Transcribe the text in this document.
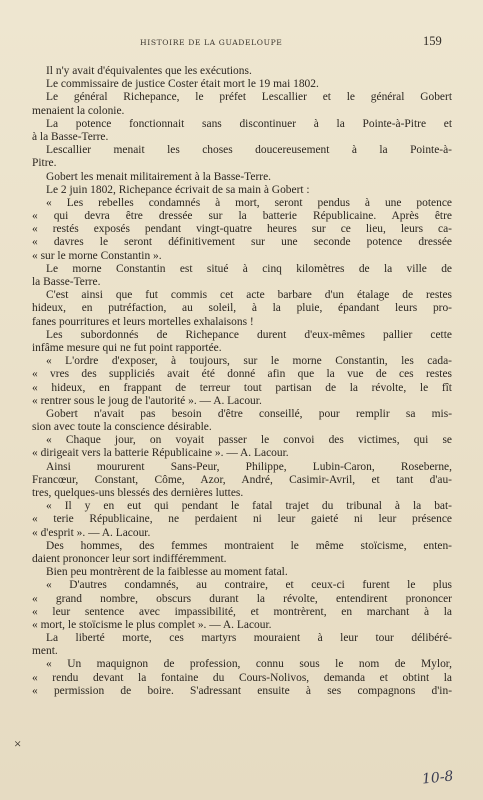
HISTOIRE DE LA GUADELOUPE	159
Il n'y avait d'équivalentes que les exécutions.
Le commissaire de justice Coster était mort le 19 mai 1802.
Le général Richepance, le préfet Lescallier et le général Gobert
menaient la colonie.
La potence fonctionnait sans discontinuer à la Pointe-à-Pitre et
à la Basse-Terre.
Lescallier menait les choses doucereusement à la Pointe-à-
Pitre.
Gobert les menait militairement à la Basse-Terre.
Le 2 juin 1802, Richepance écrivait de sa main à Gobert :
« Les rebelles condamnés à mort, seront pendus à une potence
« qui devra être dressée sur la batterie Républicaine. Après être
« restés exposés pendant vingt-quatre heures sur ce lieu, leurs ca-
« davres le seront définitivement sur une seconde potence dressée
« sur le morne Constantin ».
Le morne Constantin est situé à cinq kilomètres de la ville de
la Basse-Terre.
C'est ainsi que fut commis cet acte barbare d'un étalage de restes
hideux, en putréfaction, au soleil, à la pluie, épandant leurs pro-
fanes pourritures et leurs mortelles exhalaisons !
Les subordonnés de Richepance durent d'eux-mêmes pallier cette
infâme mesure qui ne fut point rapportée.
« L'ordre d'exposer, à toujours, sur le morne Constantin, les cada-
« vres des suppliciés avait été donné afin que la vue de ces restes
« hideux, en frappant de terreur tout partisan de la révolte, le fît
« rentrer sous le joug de l'autorité ». — A. Lacour.
Gobert n'avait pas besoin d'être conseillé, pour remplir sa mis-
sion avec toute la conscience désirable.
« Chaque jour, on voyait passer le convoi des victimes, qui se
« dirigeait vers la batterie Républicaine ». — A. Lacour.
Ainsi moururent Sans-Peur, Philippe, Lubin-Caron, Roseberne,
Francœur, Constant, Côme, Azor, André, Casimir-Avril, et tant d'au-
tres, quelques-uns blessés des dernières luttes.
« Il y en eut qui pendant le fatal trajet du tribunal à la bat-
« terie Républicaine, ne perdaient ni leur gaieté ni leur présence
« d'esprit ». — A. Lacour.
Des hommes, des femmes montraient le même stoïcisme, enten-
daient prononcer leur sort indifféremment.
Bien peu montrèrent de la faiblesse au moment fatal.
« D'autres condamnés, au contraire, et ceux-ci furent le plus
« grand nombre, obscurs durant la révolte, entendirent prononcer
« leur sentence avec impassibilité, et montrèrent, en marchant à la
« mort, le stoïcisme le plus complet ». — A. Lacour.
La liberté morte, ces martyrs mouraient à leur tour délibéré-
ment.
« Un maquignon de profession, connu sous le nom de Mylor,
« rendu devant la fontaine du Cours-Nolivos, demanda et obtint la
« permission de boire. S'adressant ensuite à ses compagnons d'in-
×
10-8
